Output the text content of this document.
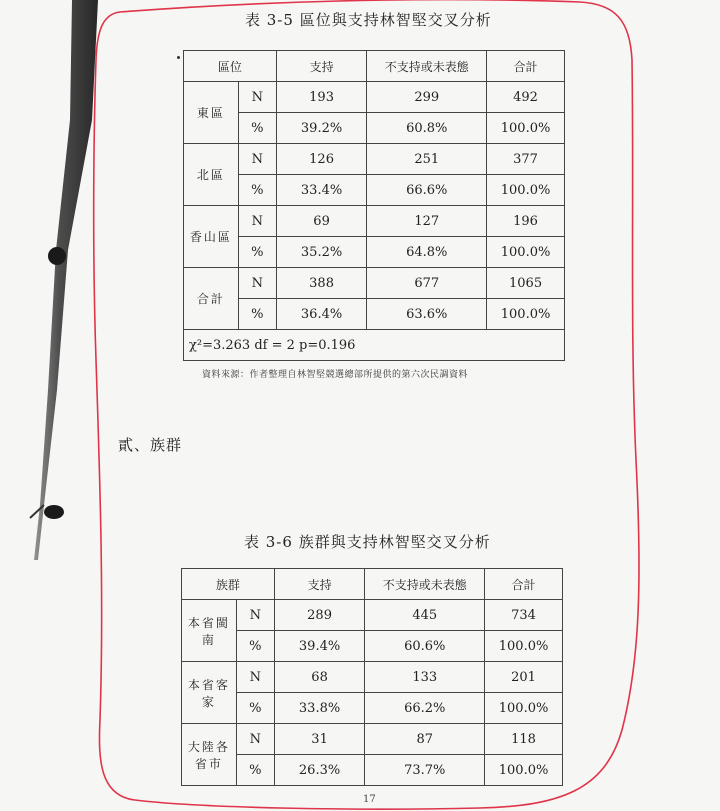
表 3-5 區位與支持林智堅交叉分析
區位		支持	不支持或未表態	合計
東區	N	193	299	492
	%	39.2%	60.8%	100.0%
北區	N	126	251	377
	%	33.4%	66.6%	100.0%
香山區	N	69	127	196
	%	35.2%	64.8%	100.0%
合計	N	388	677	1065
	%	36.4%	63.6%	100.0%
χ²=3.263 df = 2 p=0.196				
資料來源：作者整理自林智堅競選總部所提供的第六次民調資料
貳、族群
表 3-6 族群與支持林智堅交叉分析
族群		支持	不支持或未表態	合計
本省閩南	N	289	445	734
	%	39.4%	60.6%	100.0%
本省客家	N	68	133	201
	%	33.8%	66.2%	100.0%
大陸各省市	N	31	87	118
	%	26.3%	73.7%	100.0%
17
